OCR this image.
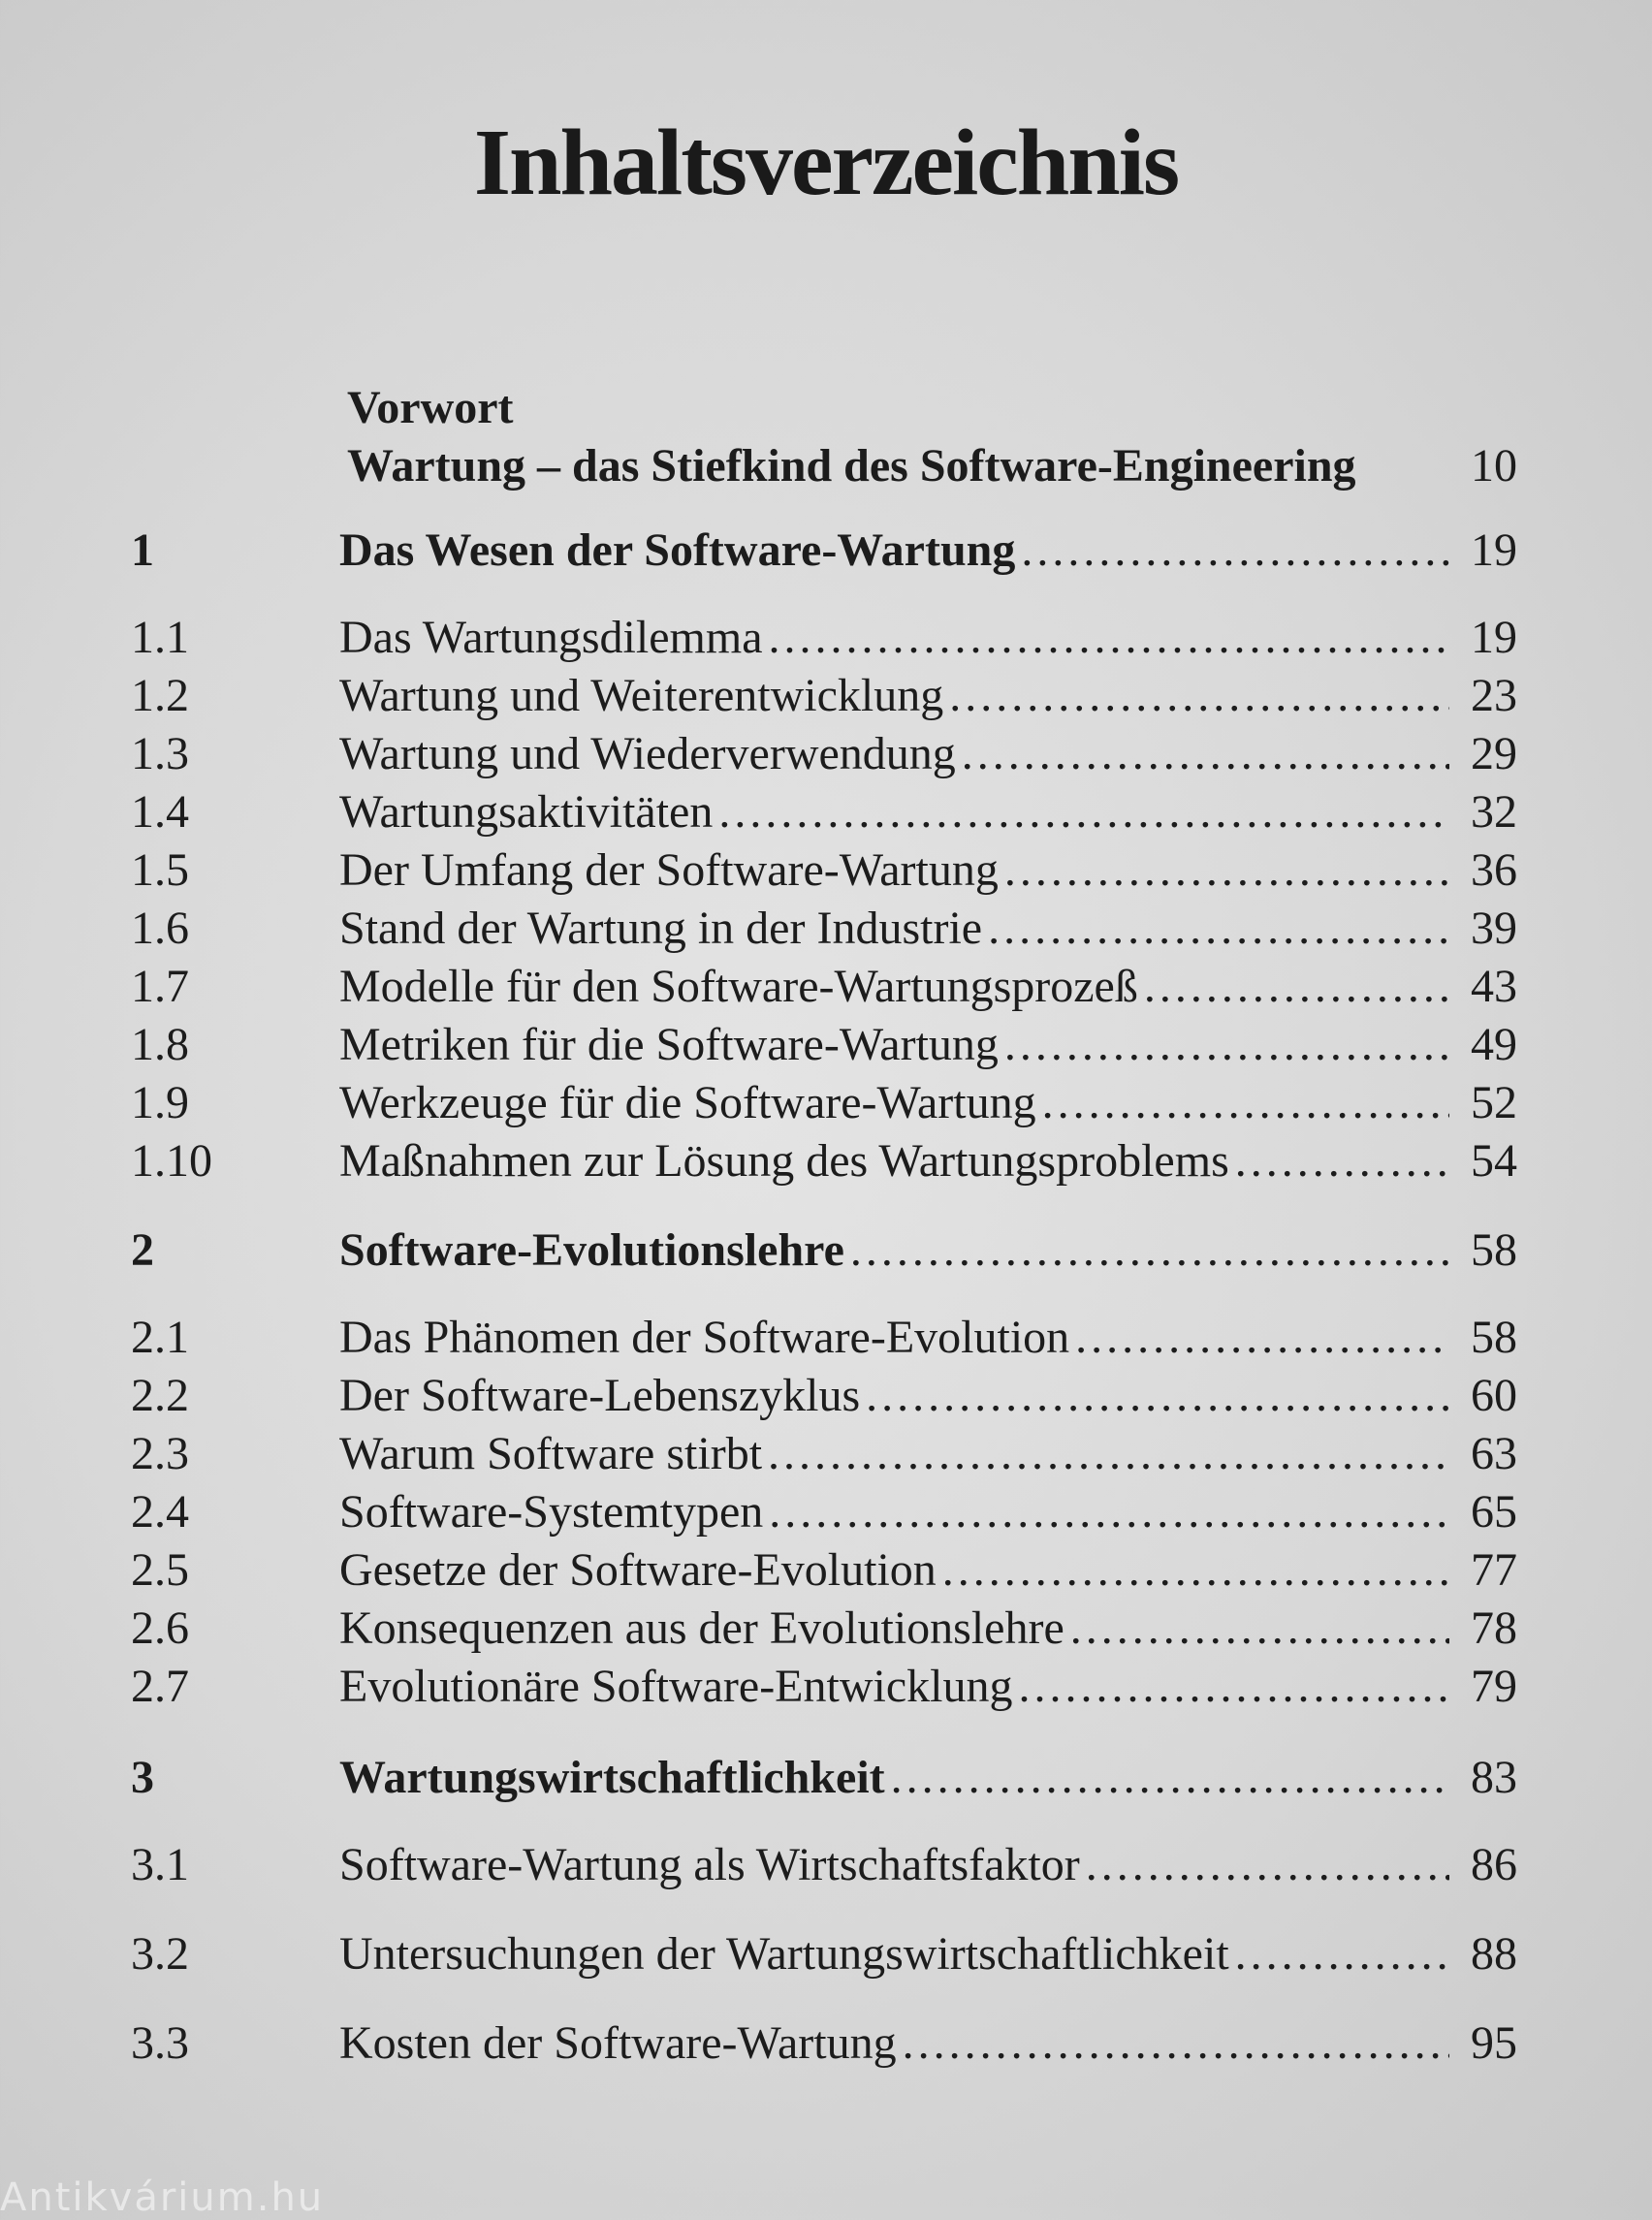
Inhaltsverzeichnis
Vorwort
Wartung – das Stiefkind des Software-Engineering	10
1	Das Wesen der Software-Wartung .....	19
1.1	Das Wartungsdilemma .....	19
1.2	Wartung und Weiterentwicklung .....	23
1.3	Wartung und Wiederverwendung .....	29
1.4	Wartungsaktivitäten .....	32
1.5	Der Umfang der Software-Wartung .....	36
1.6	Stand der Wartung in der Industrie .....	39
1.7	Modelle für den Software-Wartungsprozeß .....	43
1.8	Metriken für die Software-Wartung .....	49
1.9	Werkzeuge für die Software-Wartung .....	52
1.10	Maßnahmen zur Lösung des Wartungsproblems .....	54
2	Software-Evolutionslehre .....	58
2.1	Das Phänomen der Software-Evolution .....	58
2.2	Der Software-Lebenszyklus .....	60
2.3	Warum Software stirbt .....	63
2.4	Software-Systemtypen .....	65
2.5	Gesetze der Software-Evolution .....	77
2.6	Konsequenzen aus der Evolutionslehre .....	78
2.7	Evolutionäre Software-Entwicklung .....	79
3	Wartungswirtschaftlichkeit .....	83
3.1	Software-Wartung als Wirtschaftsfaktor .....	86
3.2	Untersuchungen der Wartungswirtschaftlichkeit .....	88
3.3	Kosten der Software-Wartung .....	95
Antikvárium.hu
